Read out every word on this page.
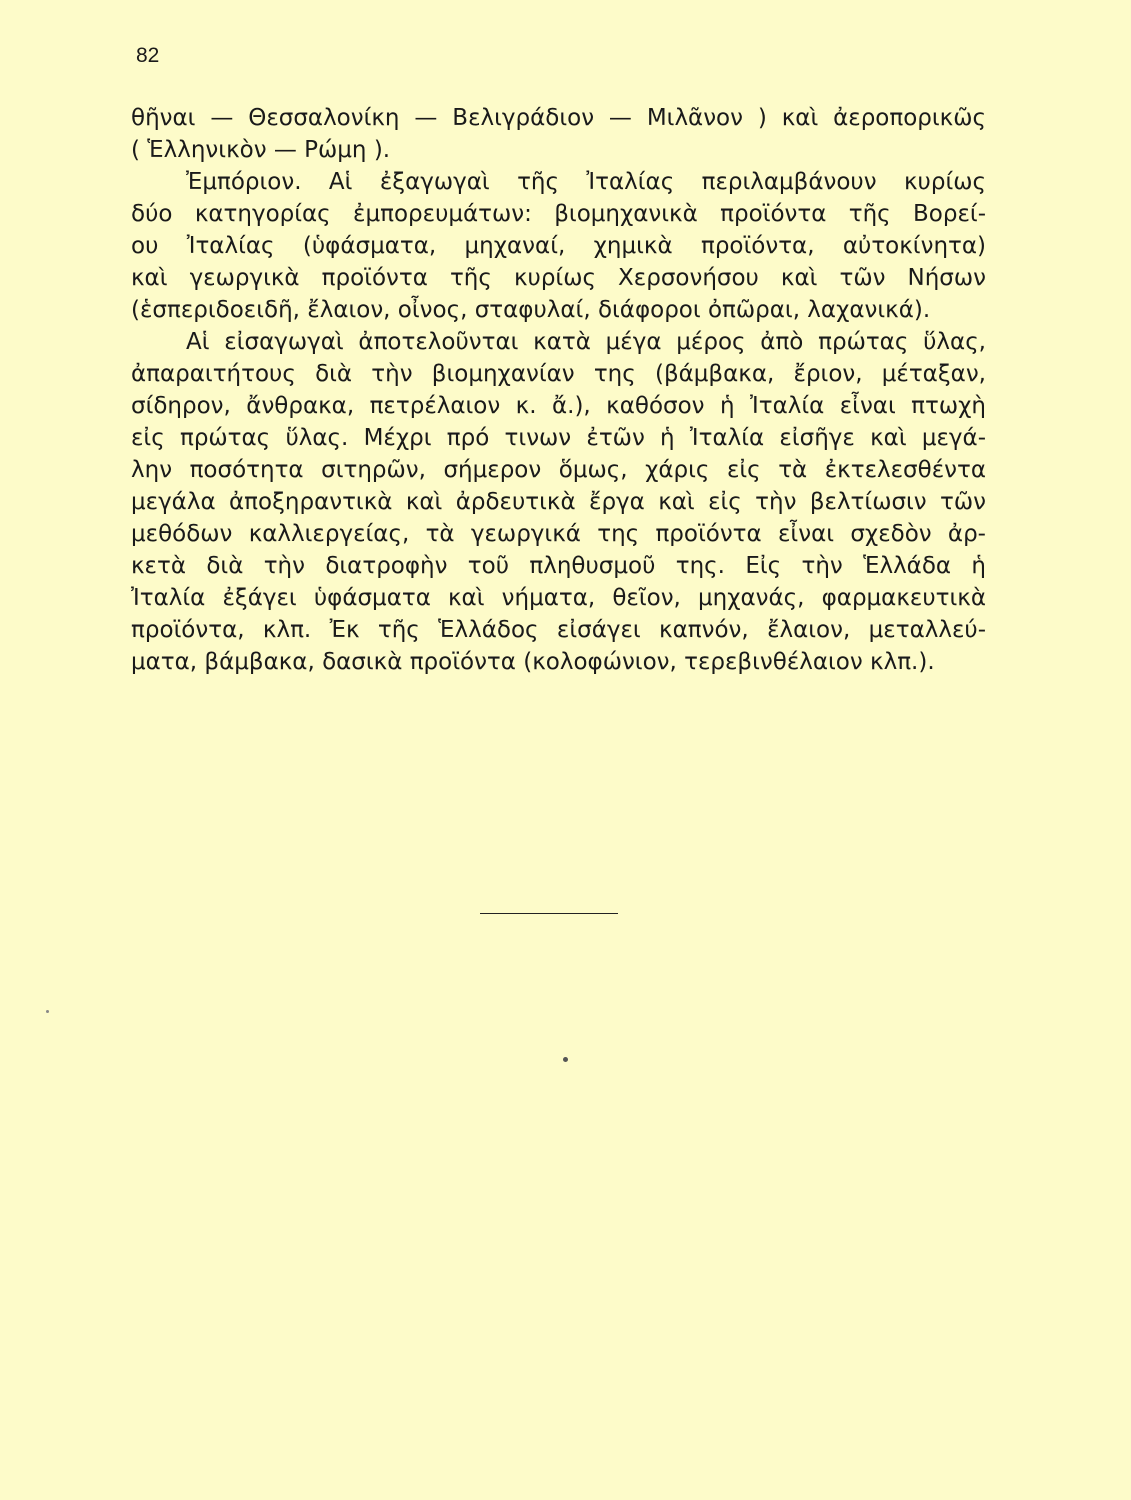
82
θῆναι — Θεσσαλονίκη — Βελιγράδιον — Μιλᾶνον ) καὶ ἀεροπορικῶς
( Ἑλληνικὸν — Ρώμη ).
Ἐμπόριον. Αἱ ἐξαγωγαὶ τῆς Ἰταλίας περιλαμβάνουν κυρίως
δύο κατηγορίας ἐμπορευμάτων: βιομηχανικὰ προϊόντα τῆς Βορεί-
ου Ἰταλίας (ὑφάσματα, μηχαναί, χημικὰ προϊόντα, αὐτοκίνητα)
καὶ γεωργικὰ προϊόντα τῆς κυρίως Χερσονήσου καὶ τῶν Νήσων
(ἑσπεριδοειδῆ, ἔλαιον, οἶνος, σταφυλαί, διάφοροι ὀπῶραι, λαχανικά).
Αἱ εἰσαγωγαὶ ἀποτελοῦνται κατὰ μέγα μέρος ἀπὸ πρώτας ὕλας,
ἀπαραιτήτους διὰ τὴν βιομηχανίαν της (βάμβακα, ἔριον, μέταξαν,
σίδηρον, ἄνθρακα, πετρέλαιον κ. ἄ.), καθόσον ἡ Ἰταλία εἶναι πτωχὴ
εἰς πρώτας ὕλας. Μέχρι πρό τινων ἐτῶν ἡ Ἰταλία εἰσῆγε καὶ μεγά-
λην ποσότητα σιτηρῶν, σήμερον ὅμως, χάρις εἰς τὰ ἐκτελεσθέντα
μεγάλα ἀποξηραντικὰ καὶ ἀρδευτικὰ ἔργα καὶ εἰς τὴν βελτίωσιν τῶν
μεθόδων καλλιεργείας, τὰ γεωργικά της προϊόντα εἶναι σχεδὸν ἀρ-
κετὰ διὰ τὴν διατροφὴν τοῦ πληθυσμοῦ της. Εἰς τὴν Ἑλλάδα ἡ
Ἰταλία ἐξάγει ὑφάσματα καὶ νήματα, θεῖον, μηχανάς, φαρμακευτικὰ
προϊόντα, κλπ. Ἐκ τῆς Ἑλλάδος εἰσάγει καπνόν, ἔλαιον, μεταλλεύ-
ματα, βάμβακα, δασικὰ προϊόντα (κολοφώνιον, τερεβινθέλαιον κλπ.).
